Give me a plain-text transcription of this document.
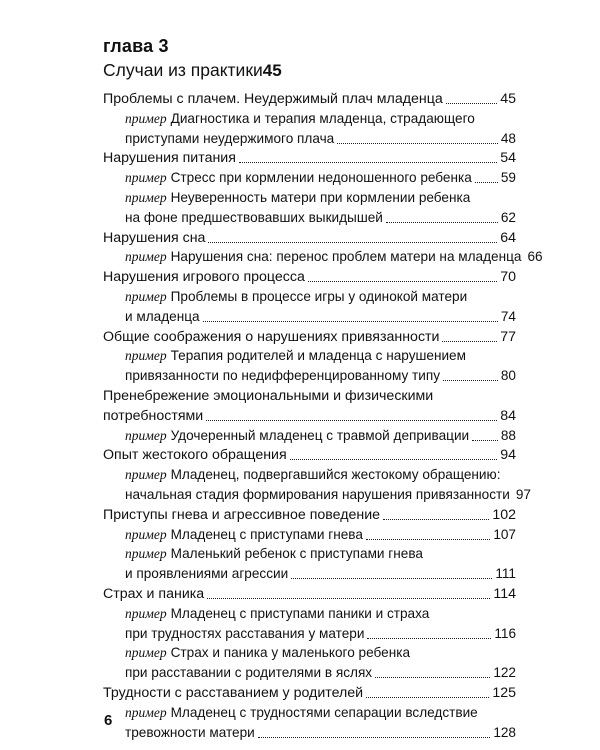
глава 3
Случаи из практики 45
Проблемы с плачем. Неудержимый плач младенца	45
пример Диагностика и терапия младенца, страдающего
приступами неудержимого плача	48
Нарушения питания	54
пример Стресс при кормлении недоношенного ребенка 59
пример Неуверенность матери при кормлении ребенка
на фоне предшествовавших выкидышей	62
Нарушения сна	64
пример Нарушения сна: перенос проблем матери на младенца 66
Нарушения игрового процесса	70
пример Проблемы в процессе игры у одинокой матери
и младенца	74
Общие соображения о нарушениях привязанности	77
пример Терапия родителей и младенца с нарушением
привязанности по недифференцированному типу	80
Пренебрежение эмоциональными и физическими
потребностями	84
пример Удочеренный младенец с травмой депривации 88
Опыт жестокого обращения	94
пример Младенец, подвергавшийся жестокому обращению:
начальная стадия формирования нарушения привязанности 97
Приступы гнева и агрессивное поведение	102
пример Младенец с приступами гнева	107
пример Маленький ребенок с приступами гнева
и проявлениями агрессии	111
Страх и паника	114
пример Младенец с приступами паники и страха
при трудностях расставания у матери	116
пример Страх и паника у маленького ребенка
при расставании с родителями в яслях	122
Трудности с расставанием у родителей	125
пример Младенец с трудностями сепарации вследствие
тревожности матери	128
6
